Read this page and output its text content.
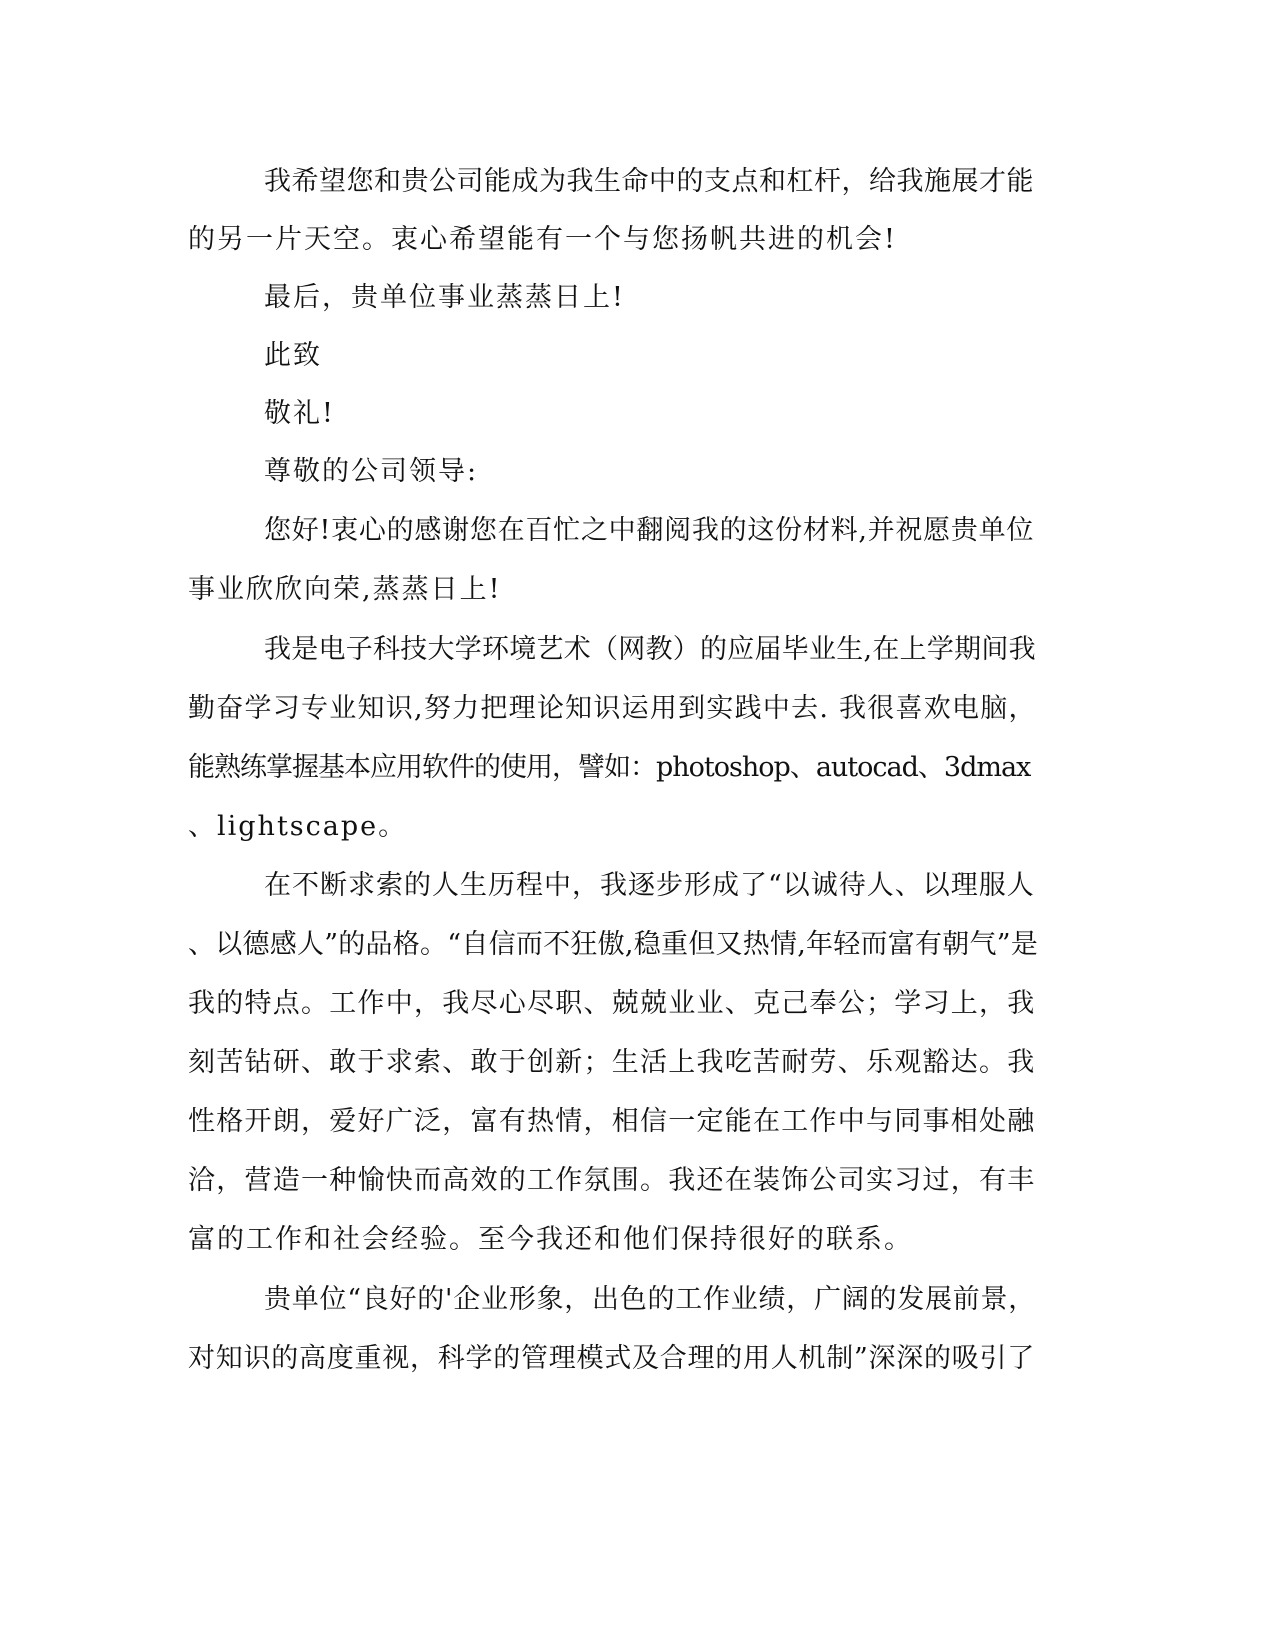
我希望您和贵公司能成为我生命中的支点和杠杆，给我施展才能
的另一片天空。衷心希望能有一个与您扬帆共进的机会!
最后，贵单位事业蒸蒸日上!
此致
敬礼!
尊敬的公司领导:
您好!衷心的感谢您在百忙之中翻阅我的这份材料,并祝愿贵单位
事业欣欣向荣,蒸蒸日上!
我是电子科技大学环境艺术（网教）的应届毕业生,在上学期间我
勤奋学习专业知识,努力把理论知识运用到实践中去. 我很喜欢电脑，
能熟练掌握基本应用软件的使用，譬如：photoshop、autocad、3dmax
、lightscape。
在不断求索的人生历程中，我逐步形成了“以诚待人、以理服人
、以德感人”的品格。“自信而不狂傲,稳重但又热情,年轻而富有朝气”是
我的特点。工作中，我尽心尽职、兢兢业业、克己奉公；学习上，我
刻苦钻研、敢于求索、敢于创新；生活上我吃苦耐劳、乐观豁达。我
性格开朗，爱好广泛，富有热情，相信一定能在工作中与同事相处融
洽，营造一种愉快而高效的工作氛围。我还在装饰公司实习过，有丰
富的工作和社会经验。至今我还和他们保持很好的联系。
贵单位“良好的'企业形象，出色的工作业绩，广阔的发展前景，
对知识的高度重视，科学的管理模式及合理的用人机制”深深的吸引了
